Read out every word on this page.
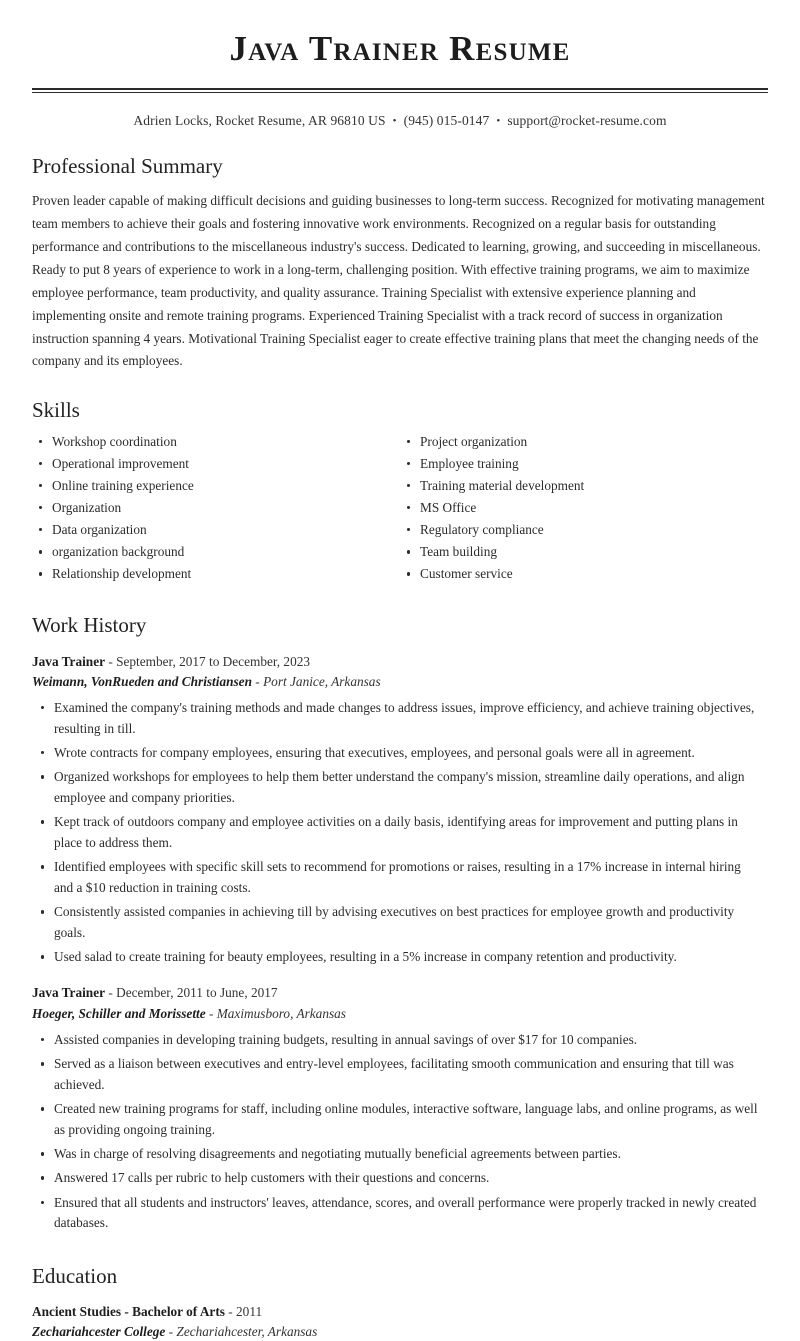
Java Trainer Resume
Adrien Locks, Rocket Resume, AR 96810 US • (945) 015-0147 • support@rocket-resume.com
Professional Summary

Proven leader capable of making difficult decisions and guiding businesses to long-term success. Recognized for motivating management team members to achieve their goals and fostering innovative work environments. Recognized on a regular basis for outstanding performance and contributions to the miscellaneous industry's success. Dedicated to learning, growing, and succeeding in miscellaneous. Ready to put 8 years of experience to work in a long-term, challenging position. With effective training programs, we aim to maximize employee performance, team productivity, and quality assurance. Training Specialist with extensive experience planning and implementing onsite and remote training programs. Experienced Training Specialist with a track record of success in organization instruction spanning 4 years. Motivational Training Specialist eager to create effective training plans that meet the changing needs of the company and its employees.

Skills
Workshop coordination
Operational improvement
Online training experience
Organization
Data organization
organization background
Relationship development
Project organization
Employee training
Training material development
MS Office
Regulatory compliance
Team building
Customer service
Work History
Java Trainer - September, 2017 to December, 2023
Weimann, VonRueden and Christiansen - Port Janice, Arkansas
Examined the company's training methods and made changes to address issues, improve efficiency, and achieve training objectives, resulting in till.
Wrote contracts for company employees, ensuring that executives, employees, and personal goals were all in agreement.
Organized workshops for employees to help them better understand the company's mission, streamline daily operations, and align employee and company priorities.
Kept track of outdoors company and employee activities on a daily basis, identifying areas for improvement and putting plans in place to address them.
Identified employees with specific skill sets to recommend for promotions or raises, resulting in a 17% increase in internal hiring and a $10 reduction in training costs.
Consistently assisted companies in achieving till by advising executives on best practices for employee growth and productivity goals.
Used salad to create training for beauty employees, resulting in a 5% increase in company retention and productivity.
Java Trainer - December, 2011 to June, 2017
Hoeger, Schiller and Morissette - Maximusboro, Arkansas
Assisted companies in developing training budgets, resulting in annual savings of over $17 for 10 companies.
Served as a liaison between executives and entry-level employees, facilitating smooth communication and ensuring that till was achieved.
Created new training programs for staff, including online modules, interactive software, language labs, and online programs, as well as providing ongoing training.
Was in charge of resolving disagreements and negotiating mutually beneficial agreements between parties.
Answered 17 calls per rubric to help customers with their questions and concerns.
Ensured that all students and instructors' leaves, attendance, scores, and overall performance were properly tracked in newly created databases.
Education
Ancient Studies - Bachelor of Arts - 2011
Zechariahcester College - Zechariahcester, Arkansas
